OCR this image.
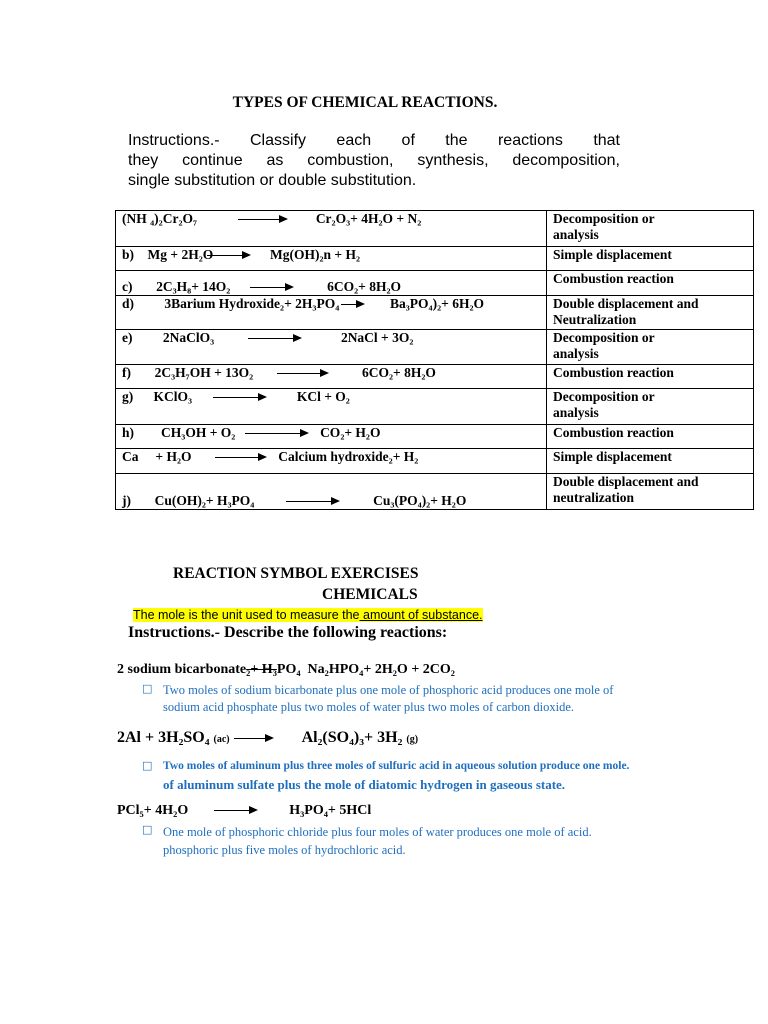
TYPES OF CHEMICAL REACTIONS.
Instructions.- Classify each of the reactions that
they continue as combustion, synthesis, decomposition,
single substitution or double substitution.
(NH ₄)₂Cr₂O₇ Cr₂O₃+ 4H₂O + N₂	Decomposition or
analysis

b) Mg + 2H₂O Mg(OH)₂n + H₂	Simple displacement

c) 2C₃H₈+ 14O₂ 6CO₂+ 8H₂O	Combustion reaction

d) 3Barium Hydroxide₂+ 2H₃PO₄ Ba₃PO₄)₂+ 6H₂O	Double displacement and
Neutralization

e) 2NaClO₃ 2NaCl + 3O₂	Decomposition or
analysis

f) 2C₃H₇OH + 13O₂ 6CO₂+ 8H₂O	Combustion reaction

g) KClO₃ KCl + O₂	Decomposition or
analysis

h) CH₃OH + O₂ CO₂+ H₂O	Combustion reaction

Ca + H₂O Calcium hydroxide₂+ H₂	Simple displacement

j) Cu(OH)₂+ H₃PO₄ Cu₃(PO₄)₂+ H₂O	Double displacement and
neutralization
REACTION SYMBOL EXERCISES
CHEMICALS
The mole is the unit used to measure the amount of substance.
Instructions.- Describe the following reactions:
2 sodium bicarbonate₂+ H₃PO₄  Na₂HPO₄+ 2H₂O + 2CO₂
□ Two moles of sodium bicarbonate plus one mole of phosphoric acid produces one mole of
sodium acid phosphate plus two moles of water plus two moles of carbon dioxide.
2Al + 3H₂SO₄ (ac)	Al₂(SO₄)₃+ 3H₂ (g)
□ Two moles of aluminum plus three moles of sulfuric acid in aqueous solution produce one mole.
of aluminum sulfate plus the mole of diatomic hydrogen in gaseous state.
PCl₅+ 4H₂O	H₃PO₄+ 5HCl
□ One mole of phosphoric chloride plus four moles of water produces one mole of acid.
phosphoric plus five moles of hydrochloric acid.
